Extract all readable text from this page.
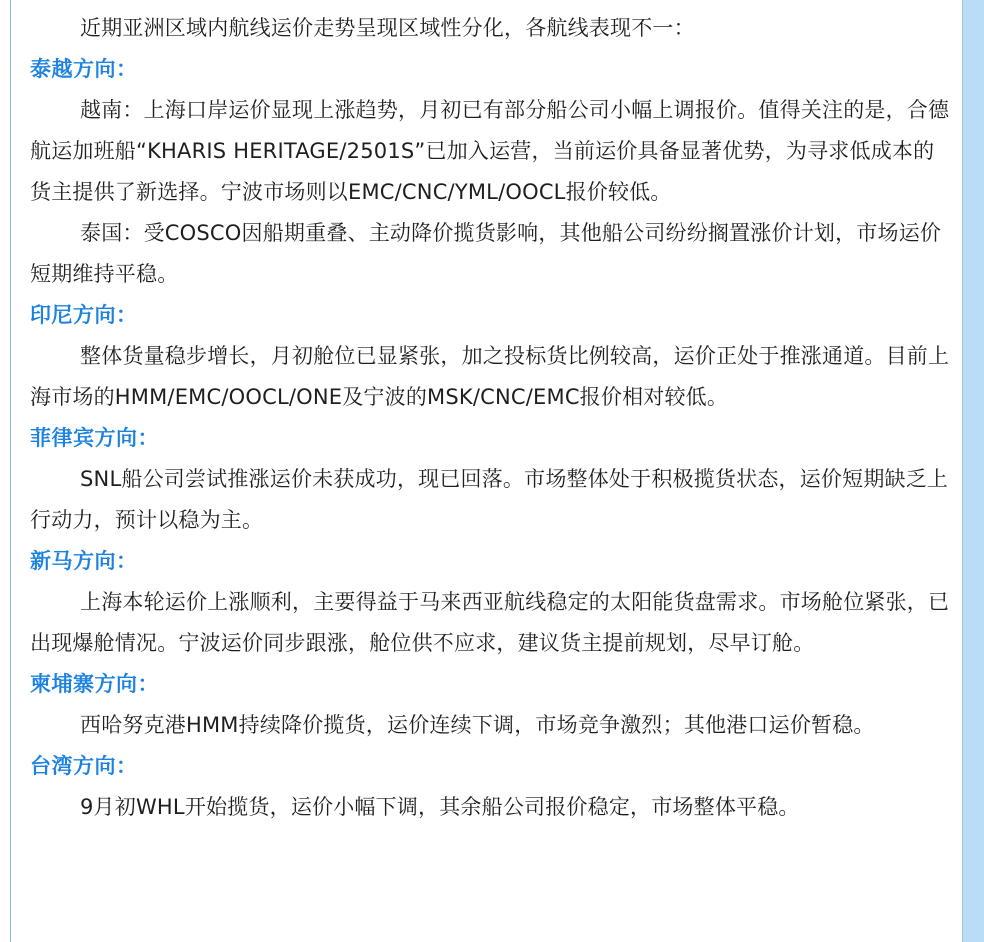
近期亚洲区域内航线运价走势呈现区域性分化，各航线表现不一：

泰越方向：

越南：上海口岸运价显现上涨趋势，月初已有部分船公司小幅上调报价。值得关注的是，合德航运加班船“KHARIS HERITAGE/2501S”已加入运营，当前运价具备显著优势，为寻求低成本的货主提供了新选择。宁波市场则以EMC/CNC/YML/OOCL报价较低。

泰国：受COSCO因船期重叠、主动降价揽货影响，其他船公司纷纷搁置涨价计划，市场运价短期维持平稳。

印尼方向：

整体货量稳步增长，月初舱位已显紧张，加之投标货比例较高，运价正处于推涨通道。目前上海市场的HMM/EMC/OOCL/ONE及宁波的MSK/CNC/EMC报价相对较低。

菲律宾方向：

SNL船公司尝试推涨运价未获成功，现已回落。市场整体处于积极揽货状态，运价短期缺乏上行动力，预计以稳为主。

新马方向：

上海本轮运价上涨顺利，主要得益于马来西亚航线稳定的太阳能货盘需求。市场舱位紧张，已出现爆舱情况。宁波运价同步跟涨，舱位供不应求，建议货主提前规划，尽早订舱。

柬埔寨方向：

西哈努克港HMM持续降价揽货，运价连续下调，市场竞争激烈；其他港口运价暂稳。

台湾方向：

9月初WHL开始揽货，运价小幅下调，其余船公司报价稳定，市场整体平稳。
